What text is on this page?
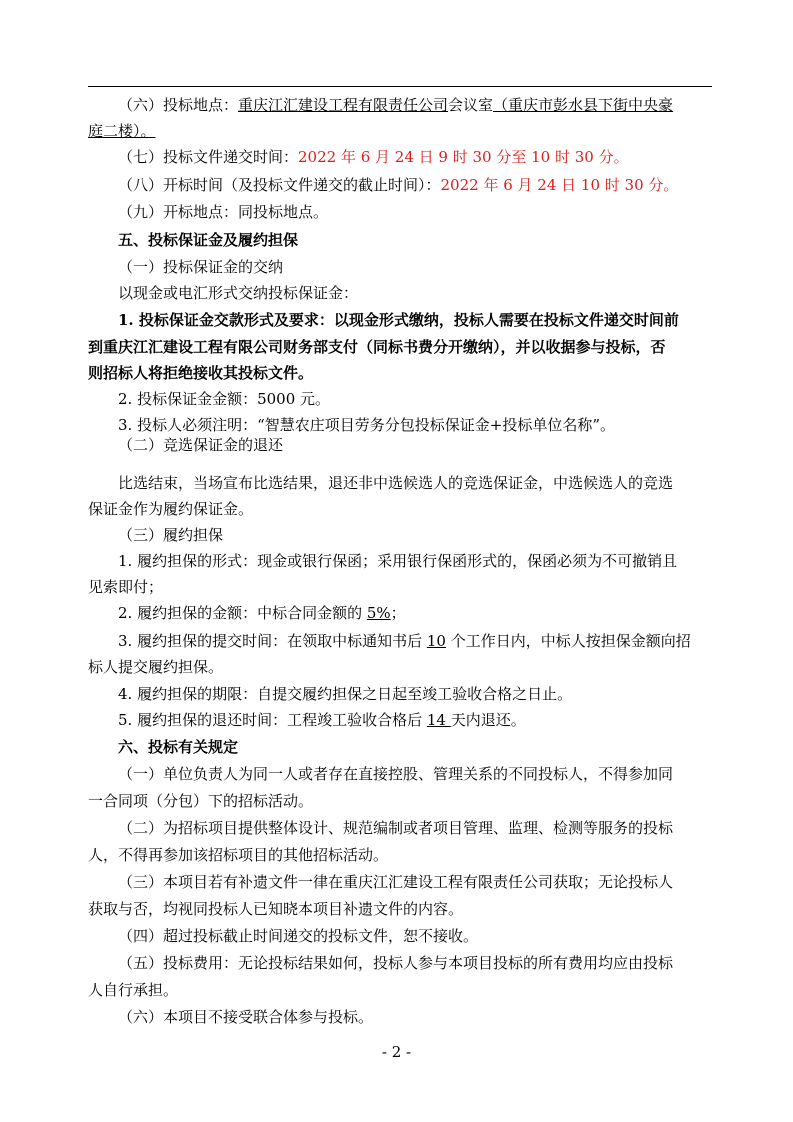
（六）投标地点：重庆江汇建设工程有限责任公司会议室（重庆市彭水县下街中央豪
庭二楼）。
（七）投标文件递交时间：2022 年 6 月 24 日 9 时 30 分至 10 时 30 分。
（八）开标时间（及投标文件递交的截止时间）：2022 年 6 月 24 日 10 时 30 分。
（九）开标地点：同投标地点。
五、投标保证金及履约担保
（一）投标保证金的交纳
以现金或电汇形式交纳投标保证金：
1. 投标保证金交款形式及要求：以现金形式缴纳，投标人需要在投标文件递交时间前
到重庆江汇建设工程有限公司财务部支付（同标书费分开缴纳），并以收据参与投标，否
则招标人将拒绝接收其投标文件。
2. 投标保证金金额：5000 元。
3. 投标人必须注明：“智慧农庄项目劳务分包投标保证金+投标单位名称”。
（二）竞选保证金的退还
比选结束，当场宣布比选结果，退还非中选候选人的竞选保证金，中选候选人的竞选
保证金作为履约保证金。
（三）履约担保
1. 履约担保的形式：现金或银行保函；采用银行保函形式的，保函必须为不可撤销且
见索即付；
2. 履约担保的金额：中标合同金额的 5%；
3. 履约担保的提交时间：在领取中标通知书后 10 个工作日内，中标人按担保金额向招
标人提交履约担保。
4. 履约担保的期限：自提交履约担保之日起至竣工验收合格之日止。
5. 履约担保的退还时间：工程竣工验收合格后 14 天内退还。
六、投标有关规定
（一）单位负责人为同一人或者存在直接控股、管理关系的不同投标人，不得参加同
一合同项（分包）下的招标活动。
（二）为招标项目提供整体设计、规范编制或者项目管理、监理、检测等服务的投标
人，不得再参加该招标项目的其他招标活动。
（三）本项目若有补遗文件一律在重庆江汇建设工程有限责任公司获取；无论投标人
获取与否，均视同投标人已知晓本项目补遗文件的内容。
（四）超过投标截止时间递交的投标文件，恕不接收。
（五）投标费用：无论投标结果如何，投标人参与本项目投标的所有费用均应由投标
人自行承担。
（六）本项目不接受联合体参与投标。
- 2 -
